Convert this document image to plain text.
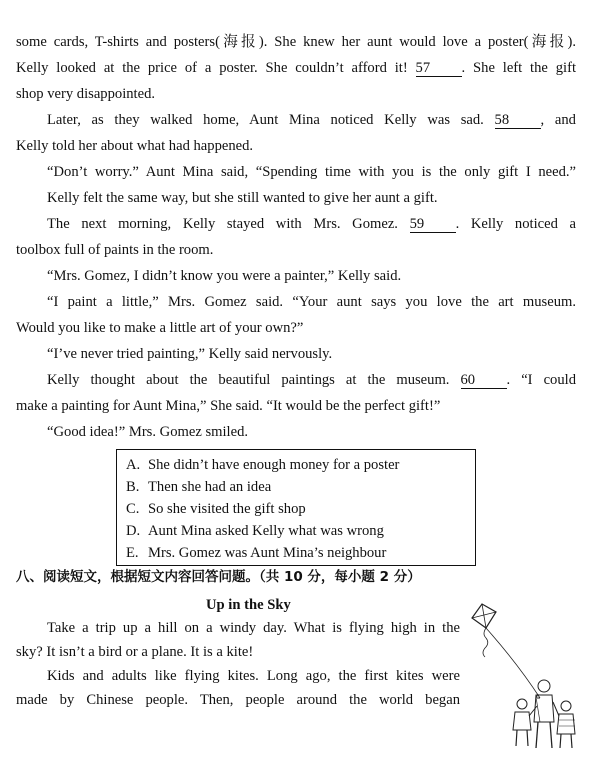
some cards, T-shirts and posters(海报). She knew her aunt would love a poster(海报).
Kelly looked at the price of a poster. She couldn’t afford it! 57 . She left the gift
shop very disappointed.
Later, as they walked home, Aunt Mina noticed Kelly was sad. 58 , and
Kelly told her about what had happened.
“Don’t worry.” Aunt Mina said, “Spending time with you is the only gift I need.”
Kelly felt the same way, but she still wanted to give her aunt a gift.
The next morning, Kelly stayed with Mrs. Gomez. 59 . Kelly noticed a
toolbox full of paints in the room.
“Mrs. Gomez, I didn’t know you were a painter,” Kelly said.
“I paint a little,” Mrs. Gomez said. “Your aunt says you love the art museum.
Would you like to make a little art of your own?”
“I’ve never tried painting,” Kelly said nervously.
Kelly thought about the beautiful paintings at the museum. 60 . “I could
make a painting for Aunt Mina,” She said. “It would be the perfect gift!”
“Good idea!” Mrs. Gomez smiled.
A. She didn’t have enough money for a poster
B. Then she had an idea
C. So she visited the gift shop
D. Aunt Mina asked Kelly what was wrong
E. Mrs. Gomez was Aunt Mina’s neighbour
八、阅读短文，根据短文内容回答问题。（共 10 分，每小题 2 分）
Up in the Sky
Take a trip up a hill on a windy day. What is flying high in the
sky? It isn’t a bird or a plane. It is a kite!
Kids and adults like flying kites. Long ago, the first kites were
made by Chinese people. Then, people around the world began
